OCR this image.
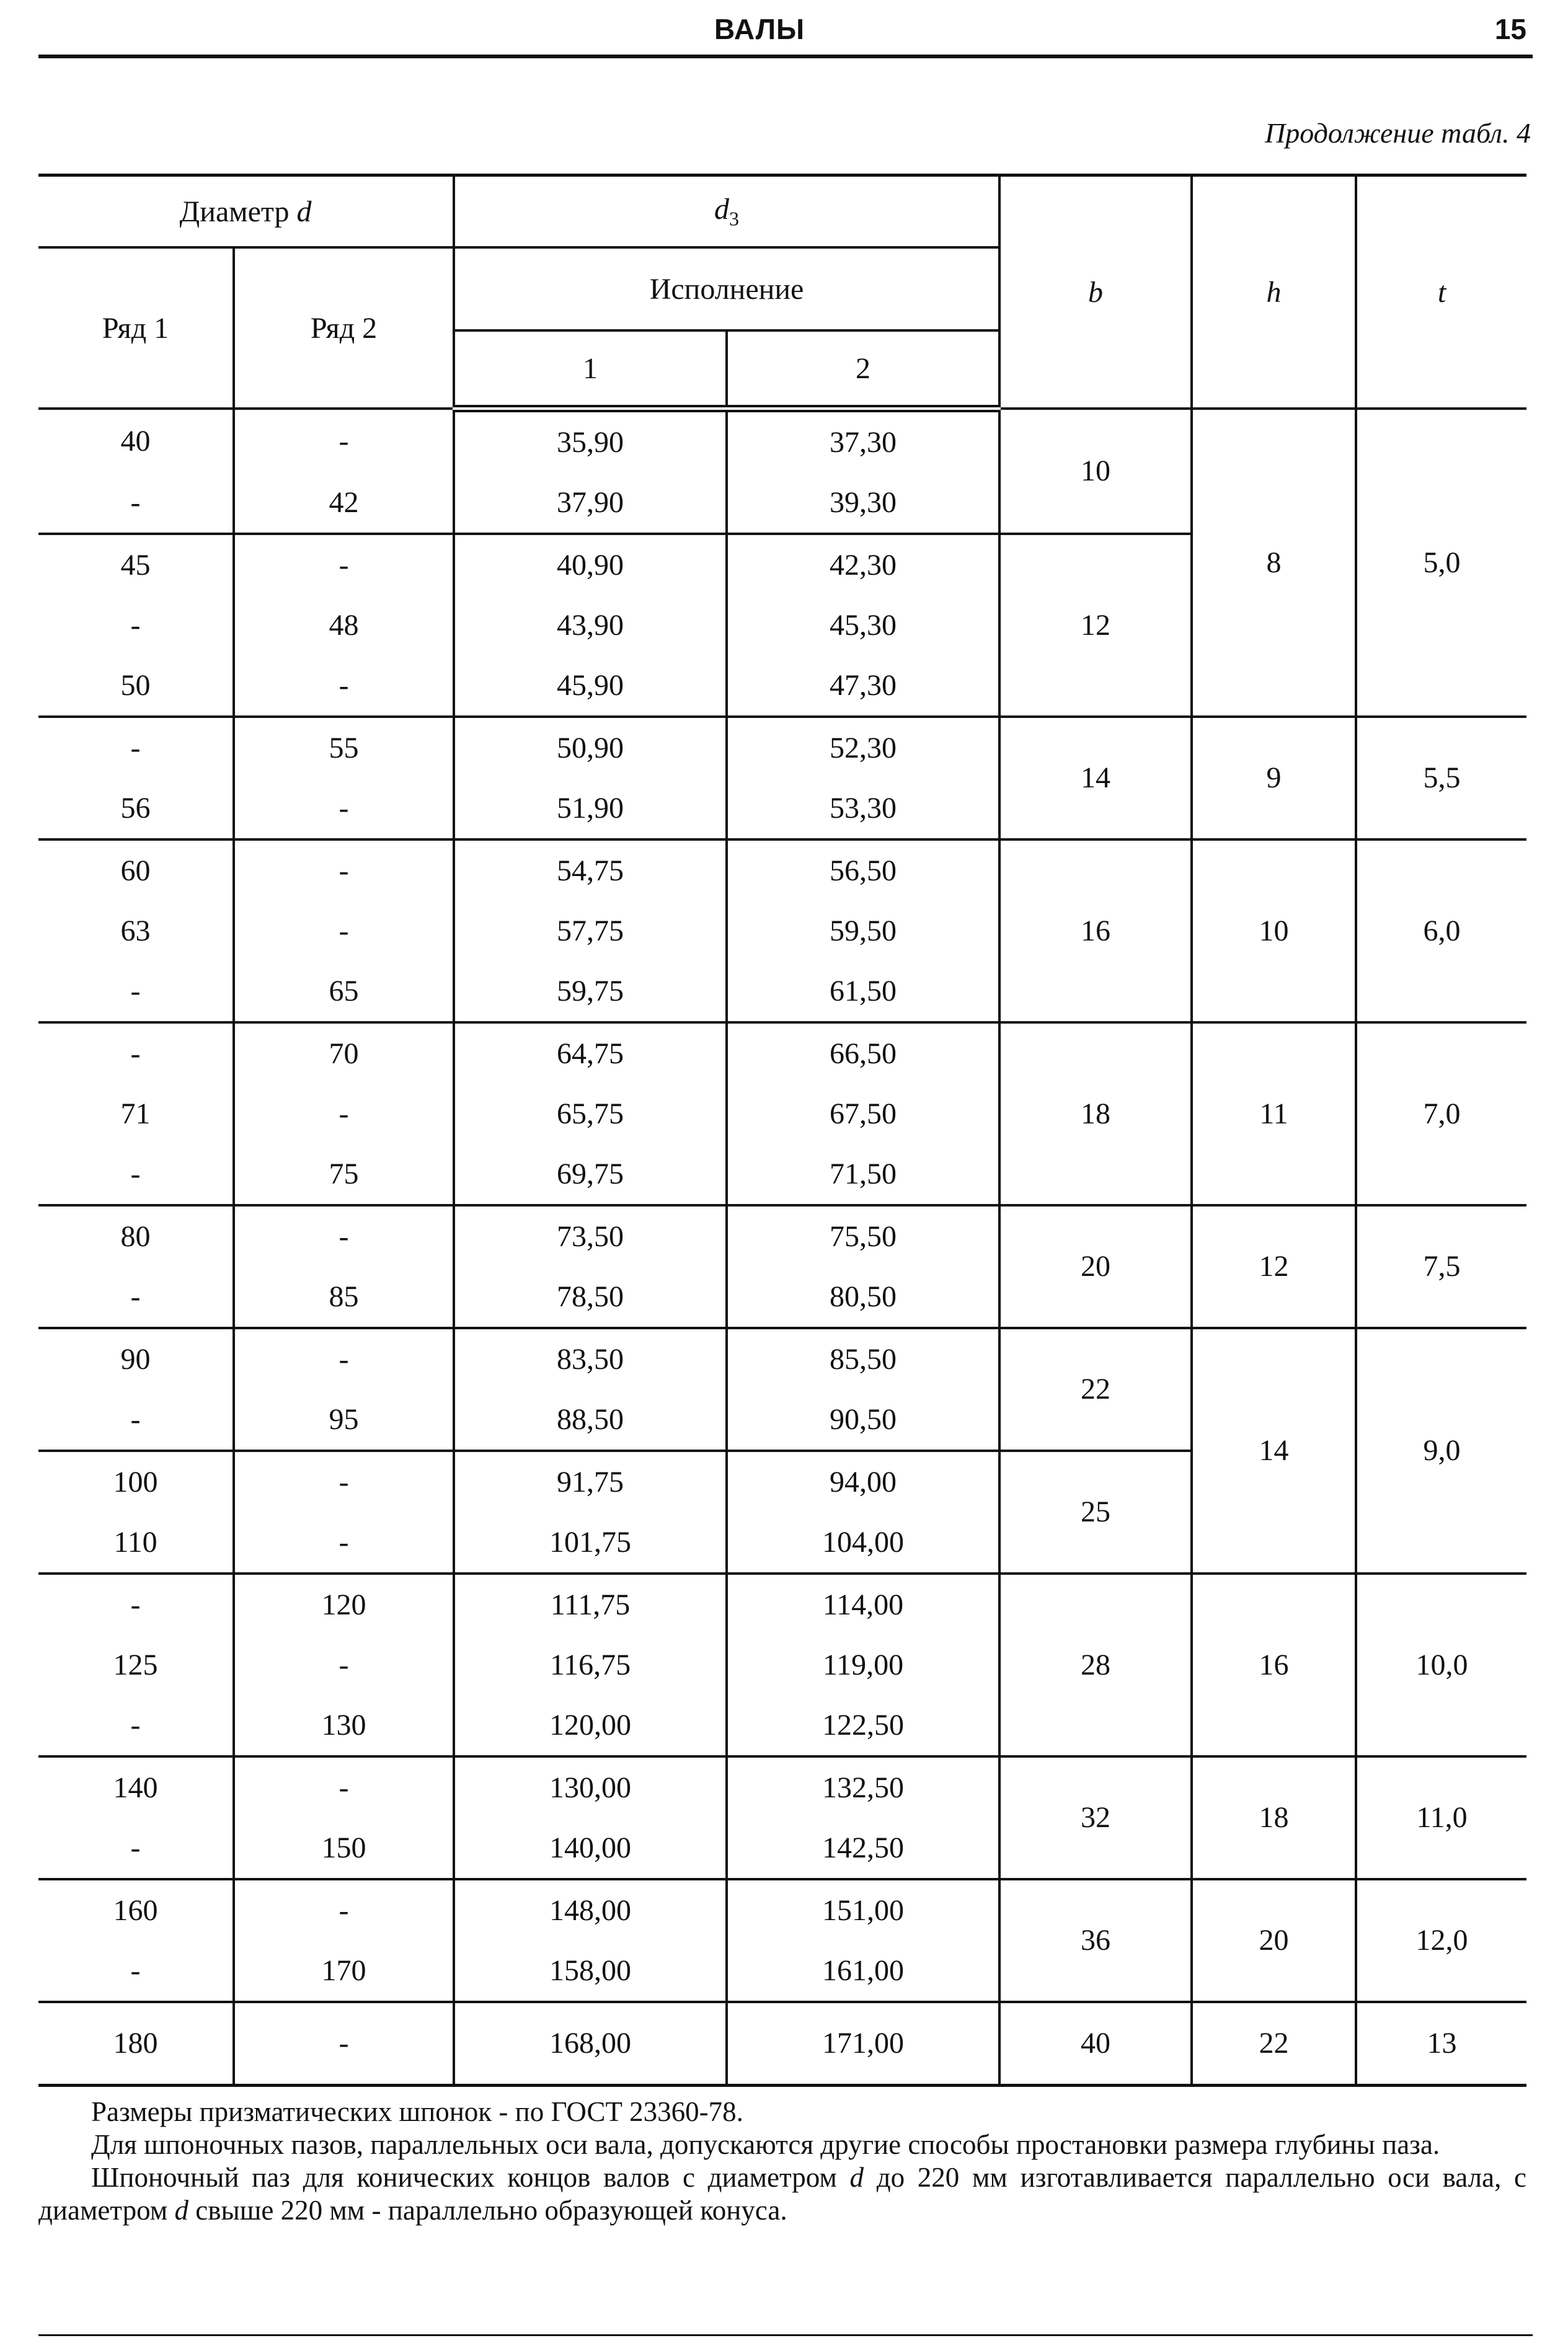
ВАЛЫ	15
Продолжение табл. 4
Диаметр d		$d_3$		b	h	t
Ряд 1	Ряд 2	Исполнение				
		1	2			
40	-	35,90	37,30	10	8	5,0
-	42	37,90	39,30			
45	-	40,90	42,30	12		
-	48	43,90	45,30			
50	-	45,90	47,30			
-	55	50,90	52,30	14	9	5,5
56	-	51,90	53,30			
60	-	54,75	56,50	16	10	6,0
63	-	57,75	59,50			
-	65	59,75	61,50			
-	70	64,75	66,50	18	11	7,0
71	-	65,75	67,50			
-	75	69,75	71,50			
80	-	73,50	75,50	20	12	7,5
-	85	78,50	80,50			
90	-	83,50	85,50	22	14	9,0
-	95	88,50	90,50			
100	-	91,75	94,00	25		
110	-	101,75	104,00			
-	120	111,75	114,00	28	16	10,0
125	-	116,75	119,00			
-	130	120,00	122,50			
140	-	130,00	132,50	32	18	11,0
-	150	140,00	142,50			
160	-	148,00	151,00	36	20	12,0
-	170	158,00	161,00			
180	-	168,00	171,00	40	22	13

Размеры призматических шпонок - по ГОСТ 23360-78.

Для шпоночных пазов, параллельных оси вала, допускаются другие способы простановки размера глубины паза.

Шпоночный паз для конических концов валов с диаметром d до 220 мм изготавливается параллельно оси вала, с диаметром d свыше 220 мм - параллельно образующей конуса.
